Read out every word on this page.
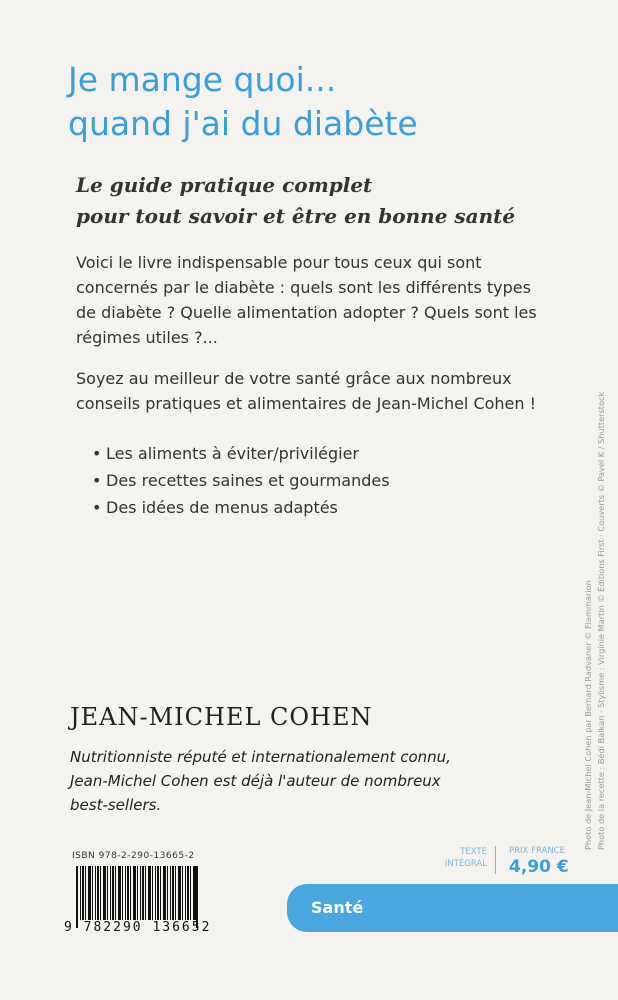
Je mange quoi...
quand j'ai du diabète
Le guide pratique complet
pour tout savoir et être en bonne santé
Voici le livre indispensable pour tous ceux qui sont
concernés par le diabète : quels sont les différents types
de diabète ? Quelle alimentation adopter ? Quels sont les
régimes utiles ?...
Soyez au meilleur de votre santé grâce aux nombreux
conseils pratiques et alimentaires de Jean-Michel Cohen !
• Les aliments à éviter/privilégier
• Des recettes saines et gourmandes
• Des idées de menus adaptés
JEAN-MICHEL COHEN
Nutritionniste réputé et internationalement connu,
Jean-Michel Cohen est déjà l'auteur de nombreux
best-sellers.	Photo de Jean-Michel Cohen par Bernard Radvaner © Flammarion Photo de la recette : Bédi Balkan · Stylisme : Virginie Martin © Éditions First · Couverts © Pavel K / Shutterstock
ISBN 978-2-290-13665-2
9 782290 136652
TEXTE
INTÉGRAL
PRIX FRANCE
4,90 €
Santé
